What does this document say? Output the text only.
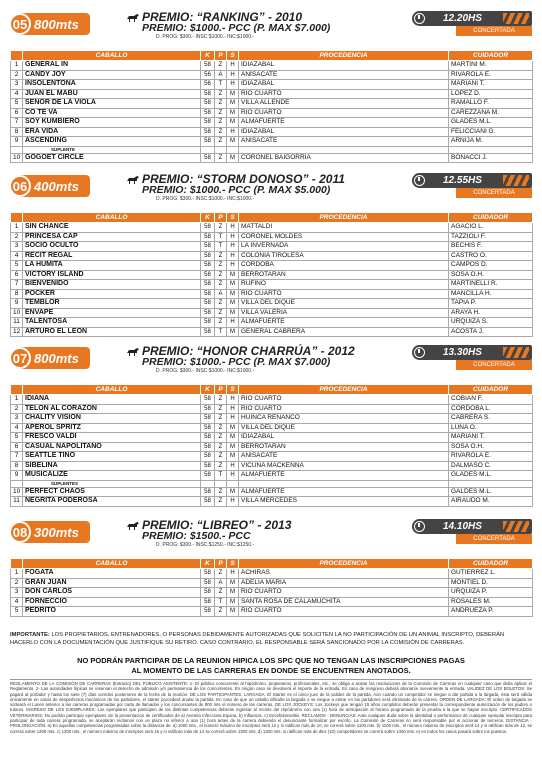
05 800mts	PREMIO: “RANKING” - 2010
PREMIO: $1000.- PCC (P. MAX $7.000)
D. PROG: $300.- INSC:$1000.- INC:$1000.-
12.20HS
CONCERTADA
	CABALLO	K	P	S	PROCEDENCIA	CUIDADOR
1	GENERAL IN	58	Z	H	IDIAZABAL	MARTINI M.
2	CANDY JOY	56	A	H	ANISACATE	RIVAROLA E.
3	INSOLENTONA	56	T	H	IDIAZABAL	MARIANI T.
4	JUAN EL MABU	58	Z	M	RIO CUARTO	LOPEZ D.
5	SEÑOR DE LA VIOLA	58	Z	M	VILLA ALLENDE	RAMALLO F.
6	CO TE VA	58	Z	M	RIO CUARTO	CAREZZANA M.
7	SOY KUMBIERO	58	Z	M	ALMAFUERTE	GLADES M.L.
8	ERA VIDA	58	Z	H	IDIAZABAL	FELICCIANI G.
9	ASCENDING	58	Z	M	ANISACATE	ARNIJA M.
	SUPLENTE					
10	GOGOET CIRCLE	58	Z	M	CORONEL BAIGORRIA	BONACCI J.
06 400mts	PREMIO: “STORM DONOSO” - 2011
PREMIO: $1000.- PCC (P. MAX $5.000)
D. PROG: $300.- INSC:$1000.- INC:$1000.-
12.55HS
CONCERTADA
	CABALLO	K	P	S	PROCEDENCIA	CUIDADOR
1	SIN CHANCE	58	Z	H	MATTALDI	AGACIO L.
2	PRINCESA CAP	58	T	H	CORONEL MOLDES	TAZZIOLI F.
3	SOCIO OCULTO	58	T	H	LA INVERNADA	BECHIS F.
4	RECIT REGAL	58	Z	H	COLONIA TIROLESA	CASTRO O.
5	LA HUMITA	58	Z	H	CORDOBA	CAMPOS D.
6	VICTORY ISLAND	58	Z	M	BERROTARAN	SOSA O.H.
7	BIENVENIDO	58	Z	M	RUFINO	MARTINELLI R.
8	POCKER	58	A	M	RIO CUARTO	MANCILLA H.
9	TEMBLOR	58	Z	M	VILLA DEL DIQUE	TAPIA P.
10	ENVAPE	58	Z	M	VILLA VALERIA	ARAYA H.
11	TALENTOSA	58	Z	H	ALMAFUERTE	URQUIZA S.
12	ARTURO EL LEON	58	T	M	GENERAL CABRERA	ACOSTA J.
07 800mts	PREMIO: “HONOR CHARRÚA” - 2012
PREMIO: $1000.- PCC (P. MAX $7.000)
D. PROG: $300.- INSC:$1000.- INC:$1000.-
13.30HS
CONCERTADA
	CABALLO	K	P	S	PROCEDENCIA	CUIDADOR
1	IDIANA	58	Z	H	RIO CUARTO	COBIAN F.
2	TELON AL CORAZON	58	Z	H	RIO CUARTO	CORDOBA L.
3	CHALITY VISION	58	Z	H	HUINCA RENANCO	CABRERA S.
4	APEROL SPRITZ	58	Z	M	VILLA DEL DIQUE	LUNA O.
5	FRESCO VALDI	58	Z	M	IDIAZABAL	MARIANI T.
6	CASUAL NAPOLITANO	58	Z	M	BERROTARAN	SOSA O.H.
7	SEATTLE TINO	58	Z	M	ANISACATE	RIVAROLA E.
8	SIBELINA	58	Z	H	VICUÑA MACKENNA	DALMASO C.
9	MUSICALIZE	58	T	H	ALMAFUERTE	GLADES M.L.
	SUPLENTES					
10	PERFECT CHAOS	58	Z	M	ALMAFUERTE	GALDES M.L.
11	NEGRITA PODEROSA	58	Z	H	VILLA MERCEDES	AIRAUDO M.
08 300mts	PREMIO: “LIBREO” - 2013
PREMIO: $1500.- PCC
D. PROG: $300.- INSC:$1250.- INC:$1250.-
14.10HS
CONCERTADA
	CABALLO	K	P	S	PROCEDENCIA	CUIDADOR
1	FOGATA	58	Z	H	ACHIRAS	GUTIERREZ L.
2	GRAN JUAN	58	A	M	ADELIA MARIA	MONTIEL D.
3	DON CARLOS	58	Z	M	RIO CUARTO	URQUIZA P.
4	FORNECCIO	58	T	M	SANTA ROSA DE CALAMUCHITA	ROSALES M.
5	PEDRITO	58	Z	M	RIO CUARTO	ANDRUEZA P.
IMPORTANTE: LOS PROPIETARIOS, ENTRENADORES, O PERSONAS DEBIDAMENTE AUTORIZADAS QUE SOLICITEN LA NO PARTICIPACIÓN DE UN ANIMAL INSCRIPTO, DEBERÁN HACERLO CON LA DOCUMENTACIÓN QUE JUSTIFIQUE SU RETIRO. CASO CONTRARIO, EL RESPONSABLE SERÁ SANCIONADO POR LA COMISIÓN DE CARRERAS.
NO PODRÁN PARTICIPAR DE LA REUNION HIPICA LOS SPC QUE NO TENGAN LAS INSCRIPCIONES PAGAS
AL MOMENTO DE LAS CARRERAS EN DONDE SE ENCUENTREN ANOTADOS.
REGLAMENTO DE LA COMISIÓN DE CARRERAS (Extracto) DEL PÚBLICO ASISTENTE: 1- El público concurrente al hipódromo, propietarios, profesionales, etc., se obliga a acatar las resoluciones de la Comisión de Carreras en cualquier caso que deba aplicar el Reglamento. 2- Las autoridades hípicas se reservan el derecho de admisión y/o permanencia de los concurrentes. En ningún caso se devolverá el importe de la entrada. En caso de reingreso deberá abonarse nuevamente la entrada. VALIDEZ DE LOS BOLETOS: Se pagará al portador y hasta los siete (7) días corridos posteriores de la fecha de la reunión. DE LOS PARTICIPANTES: LARGADA: El Starter es el único juez de la validez de la partida. Aún cuando un competidor se niegue a dar partida a la largada, ésta será válida únicamente en casos de desperfectos mecánicos de los partidores, el starter procederá anular la partida. En caso de que un caballo dificulte la largada o se niegue a entrar en los partidores será eliminado de la carrera. ORDEN DE LARGADA: El orden de largada se sorteará el Lunes anterior a las carreras programadas por carta de llamados y los concursantes de 800 mts el número de las carreras. DE LOS JOCKEYS: Los Jockeys que tengan 15 años cumplidos deberán presentar la correspondiente autorización de los padres o tutores. INGRESO DE LOS EJEMPLARES: Los ejemplares que participen de las distintas competencias deberán ingresar al recinto del Hipódromo con una (1) hora de anticipación al horario programado de la prueba a la que se hayan inscripto. CERTIFICADOS VETERINARIOS: No podrán participar ejemplares sin la presentación de certificados de a) Anemia Infecciosa Equina, b) Influenza, c) Encefalomielitis. RECLAMOS - DENUNCIAS: Ante cualquier duda sobre la identidad o performance de cualquier ejemplar inscripto para participar de toda carrera programada, se aceptarán reclamos con un plazo no inferior a una (1) hora antes de la carrera debiendo el denunciante formalizar por escrito. La Comisión de Carreras no será responsable por el accionar de terceros. DISTANCIA - PROLONGACIÓN: a) En aquellas competencias programadas sobre la distancia de: a) 1000 mts., el número máximo de inscriptos será 12 y si ratifican más de 10, se correrá sobre 1100 mts. b) 1100 mts., el número máximo de inscriptos será 14 y si ratifican más de 12, se correrá sobre 1200 mts. c) 1200 mts., el número máximo de inscriptos será 16 y si ratifican más de 14 se correrá sobre 1300 mts. d) 1300 mts. si ratifican más de diez (10) competidores se correrá sobre 1400 mts. e) en todos los casos pasará sobre los puestos.
